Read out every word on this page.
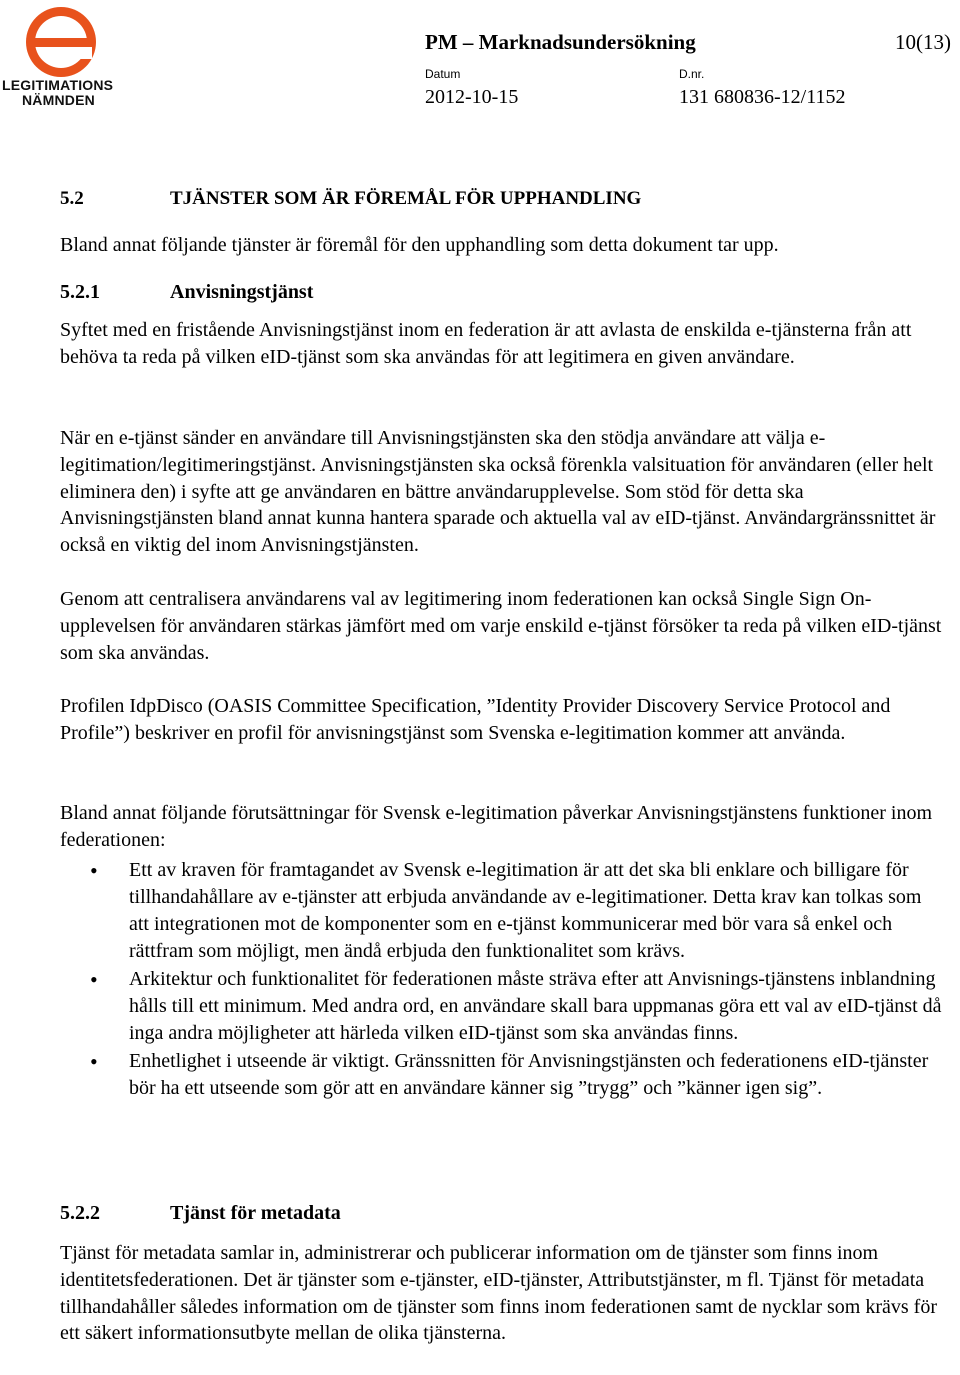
LEGITIMATIONS
NÄMNDEN
PM – Marknadsundersökning	10(13)
Datum	D.nr.
2012-10-15	131 680836-12/1152
5.2	TJÄNSTER SOM ÄR FÖREMÅL FÖR UPPHANDLING

Bland annat följande tjänster är föremål för den upphandling som detta dokument tar upp.

5.2.1	Anvisningstjänst

Syftet med en fristående Anvisningstjänst inom en federation är att avlasta de enskilda e-tjänsterna från att behöva ta reda på vilken eID-tjänst som ska användas för att legitimera en given användare.

När en e-tjänst sänder en användare till Anvisningstjänsten ska den stödja användare att välja e-legitimation/legitimeringstjänst. Anvisningstjänsten ska också förenkla valsituation för användaren (eller helt eliminera den) i syfte att ge användaren en bättre användarupplevelse. Som stöd för detta ska Anvisningstjänsten bland annat kunna hantera sparade och aktuella val av eID-tjänst. Användargränssnittet är också en viktig del inom Anvisningstjänsten.

Genom att centralisera användarens val av legitimering inom federationen kan också Single Sign On-upplevelsen för användaren stärkas jämfört med om varje enskild e-tjänst försöker ta reda på vilken eID-tjänst som ska användas.

Profilen IdpDisco (OASIS Committee Specification, ”Identity Provider Discovery Service Protocol and Profile”) beskriver en profil för anvisningstjänst som Svenska e-legitimation kommer att använda.

Bland annat följande förutsättningar för Svensk e-legitimation påverkar Anvisningstjänstens funktioner inom federationen:

• Ett av kraven för framtagandet av Svensk e-legitimation är att det ska bli enklare och billigare för tillhandahållare av e-tjänster att erbjuda användande av e-legitimationer. Detta krav kan tolkas som att integrationen mot de komponenter som en e-tjänst kommunicerar med bör vara så enkel och rättfram som möjligt, men ändå erbjuda den funktionalitet som krävs.
• Arkitektur och funktionalitet för federationen måste sträva efter att Anvisnings-tjänstens inblandning hålls till ett minimum. Med andra ord, en användare skall bara uppmanas göra ett val av eID-tjänst då inga andra möjligheter att härleda vilken eID-tjänst som ska användas finns.
• Enhetlighet i utseende är viktigt. Gränssnitten för Anvisningstjänsten och federationens eID-tjänster bör ha ett utseende som gör att en användare känner sig ”trygg” och ”känner igen sig”.
5.2.2	Tjänst för metadata

Tjänst för metadata samlar in, administrerar och publicerar information om de tjänster som finns inom identitetsfederationen. Det är tjänster som e-tjänster, eID-tjänster, Attributstjänster, m fl. Tjänst för metadata tillhandahåller således information om de tjänster som finns inom federationen samt de nycklar som krävs för ett säkert informationsutbyte mellan de olika tjänsterna.
